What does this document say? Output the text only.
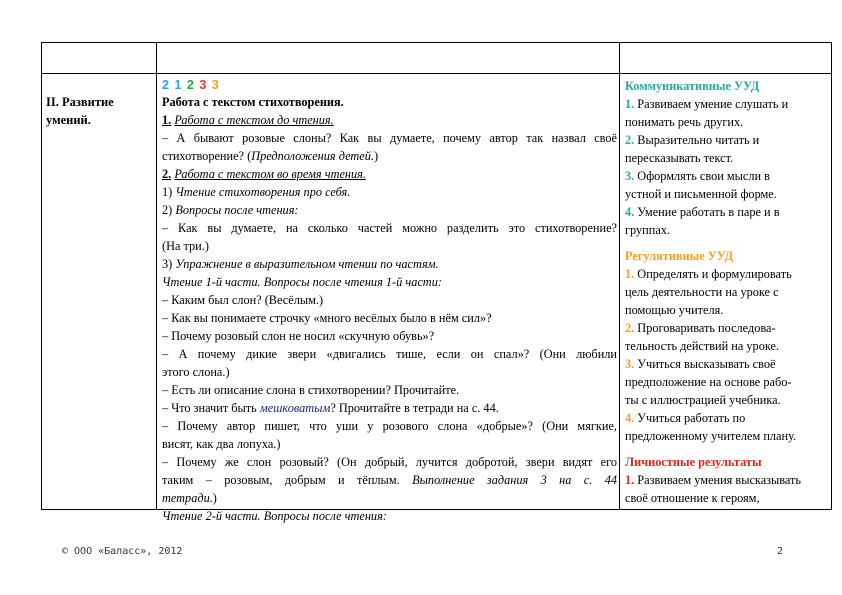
II. Развитие
умений.
2 1 2 3 3
Работа с текстом стихотворения.
1. Работа с текстом до чтения.
– А бывают розовые слоны? Как вы думаете, почему автор так назвал своё
стихотворение? (Предположения детей.)
2. Работа с текстом во время чтения.
1) Чтение стихотворения про себя.
2) Вопросы после чтения:
– Как вы думаете, на сколько частей можно разделить это стихотворение?
(На три.)
3) Упражнение в выразительном чтении по частям.
Чтение 1-й части. Вопросы после чтения 1-й части:
– Каким был слон? (Весёлым.)
– Как вы понимаете строчку «много весёлых было в нём сил»?
– Почему розовый слон не носил «скучную обувь»?
– А почему дикие звери «двигались тише, если он спал»? (Они любили
этого слона.)
– Есть ли описание слона в стихотворении? Прочитайте.
– Что значит быть мешковатым? Прочитайте в тетради на с. 44.
– Почему автор пишет, что уши у розового слона «добрые»? (Они мягкие,
висят, как два лопуха.)
– Почему же слон розовый? (Он добрый, лучится добротой, звери видят его
таким – розовым, добрым и тёплым. Выполнение задания 3 на с. 44
тетради.)
Чтение 2-й части. Вопросы после чтения:
Коммуникативные УУД
1. Развиваем умение слушать и
понимать речь других.
2. Выразительно читать и
пересказывать текст.
3. Оформлять свои мысли в
устной и письменной форме.
4. Умение работать в паре и в
группах.
Регулятивные УУД
1. Определять и формулировать
цель деятельности на уроке с
помощью учителя.
2. Проговаривать последова-
тельность действий на уроке.
3. Учиться высказывать своё
предположение на основе рабо-
ты с иллюстрацией учебника.
4. Учиться работать по
предложенному учителем плану.
Личностные результаты
1. Развиваем умения высказывать
своё отношение к героям,
© ООО «Баласс», 2012	2
